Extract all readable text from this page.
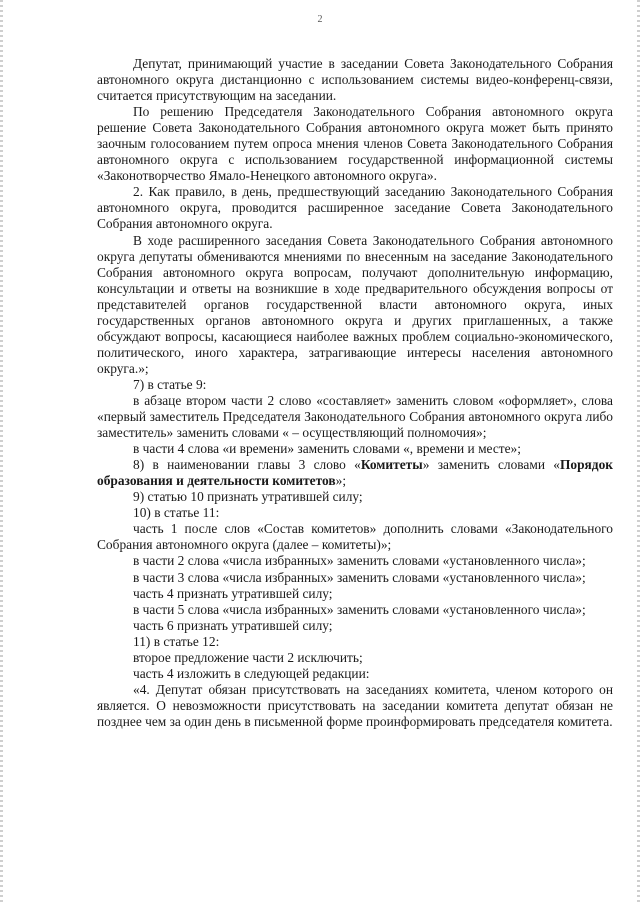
2

Депутат, принимающий участие в заседании Совета Законодательного Собрания автономного округа дистанционно с использованием системы видео-конференц-связи, считается присутствующим на заседании.

По решению Председателя Законодательного Собрания автономного округа решение Совета Законодательного Собрания автономного округа может быть принято заочным голосованием путем опроса мнения членов Совета Законодательного Собрания автономного округа с использованием государственной информационной системы «Законотворчество Ямало-Ненецкого автономного округа».

2. Как правило, в день, предшествующий заседанию Законодательного Собрания автономного округа, проводится расширенное заседание Совета Законодательного Собрания автономного округа.

В ходе расширенного заседания Совета Законодательного Собрания автономного округа депутаты обмениваются мнениями по внесенным на заседание Законодательного Собрания автономного округа вопросам, получают дополнительную информацию, консультации и ответы на возникшие в ходе предварительного обсуждения вопросы от представителей органов государственной власти автономного округа, иных государственных органов автономного округа и других приглашенных, а также обсуждают вопросы, касающиеся наиболее важных проблем социально-экономического, политического, иного характера, затрагивающие интересы населения автономного округа.»;

7) в статье 9:

в абзаце втором части 2 слово «составляет» заменить словом «оформляет», слова «первый заместитель Председателя Законодательного Собрания автономного округа либо заместитель» заменить словами « – осуществляющий полномочия»;

в части 4 слова «и времени» заменить словами «, времени и месте»;

8) в наименовании главы 3 слово «Комитеты» заменить словами «Порядок образования и деятельности комитетов»;

9) статью 10 признать утратившей силу;

10) в статье 11:

часть 1 после слов «Состав комитетов» дополнить словами «Законодательного Собрания автономного округа (далее – комитеты)»;

в части 2 слова «числа избранных» заменить словами «установленного числа»;

в части 3 слова «числа избранных» заменить словами «установленного числа»;

часть 4 признать утратившей силу;

в части 5 слова «числа избранных» заменить словами «установленного числа»;

часть 6 признать утратившей силу;

11) в статье 12:

второе предложение части 2 исключить;

часть 4 изложить в следующей редакции:

«4. Депутат обязан присутствовать на заседаниях комитета, членом которого он является. О невозможности присутствовать на заседании комитета депутат обязан не позднее чем за один день в письменной форме проинформировать председателя комитета.
